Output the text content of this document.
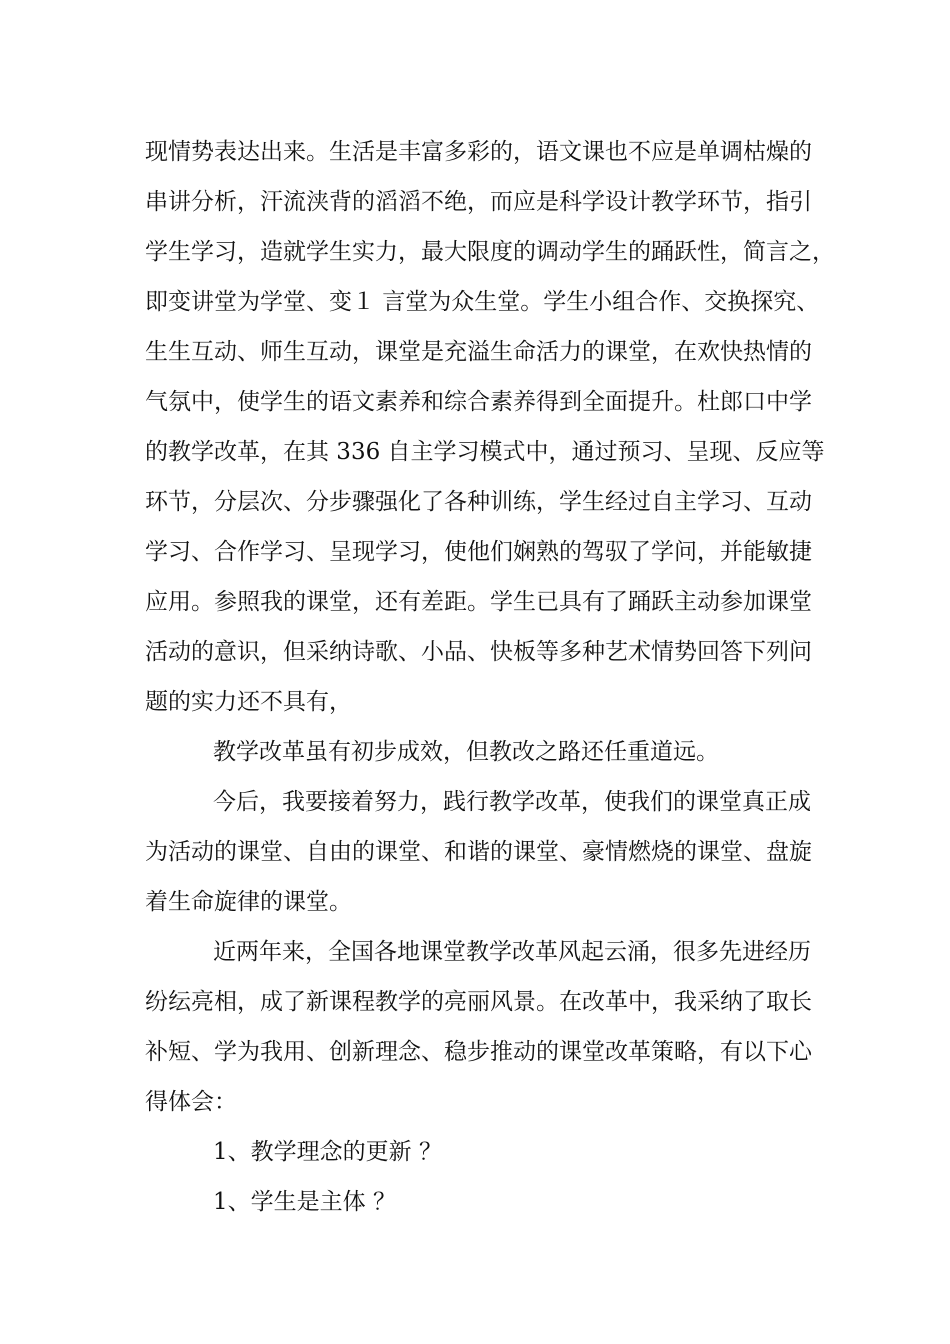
现情势表达出来。生活是丰富多彩的，语文课也不应是单调枯燥的
串讲分析，汗流浃背的滔滔不绝，而应是科学设计教学环节，指引
学生学习，造就学生实力，最大限度的调动学生的踊跃性，简言之，
即变讲堂为学堂、变１ 言堂为众生堂。学生小组合作、交换探究、
生生互动、师生互动，课堂是充溢生命活力的课堂，在欢快热情的
气氛中，使学生的语文素养和综合素养得到全面提升。杜郎口中学
的教学改革，在其 336 自主学习模式中，通过预习、呈现、反应等
环节，分层次、分步骤强化了各种训练，学生经过自主学习、互动
学习、合作学习、呈现学习，使他们娴熟的驾驭了学问，并能敏捷
应用。参照我的课堂，还有差距。学生已具有了踊跃主动参加课堂
活动的意识，但采纳诗歌、小品、快板等多种艺术情势回答下列问
题的实力还不具有，
教学改革虽有初步成效，但教改之路还任重道远。
今后，我要接着努力，践行教学改革，使我们的课堂真正成
为活动的课堂、自由的课堂、和谐的课堂、豪情燃烧的课堂、盘旋
着生命旋律的课堂。
近两年来，全国各地课堂教学改革风起云涌，很多先进经历
纷纭亮相，成了新课程教学的亮丽风景。在改革中，我采纳了取长
补短、学为我用、创新理念、稳步推动的课堂改革策略，有以下心
得体会：
1、教学理念的更新 ？
1、学生是主体 ？
